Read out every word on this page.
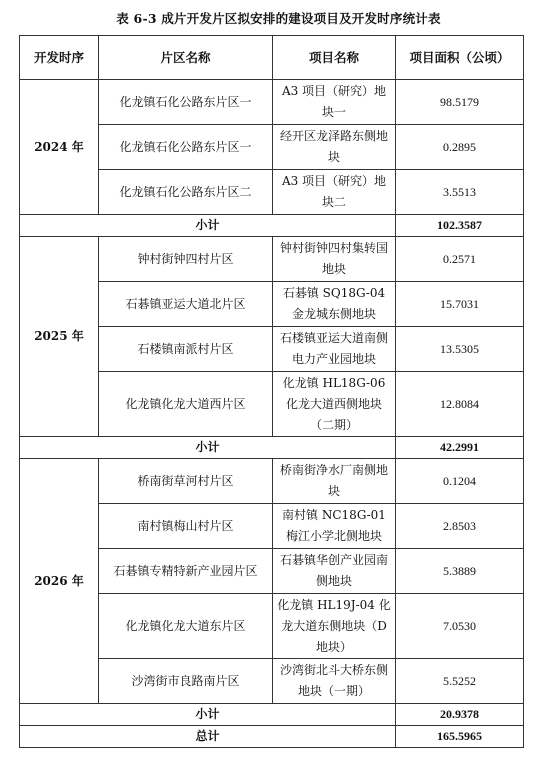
表 6-3 成片开发片区拟安排的建设项目及开发时序统计表
开发时序	片区名称	项目名称	项目面积（公顷）
2024 年	化龙镇石化公路东片区一	A3 项目（研究）地块一	98.5179
	化龙镇石化公路东片区一	经开区龙泽路东侧地块	0.2895
	化龙镇石化公路东片区二	A3 项目（研究）地块二	3.5513
小计			102.3587
2025 年	钟村街钟四村片区	钟村街钟四村集转国地块	0.2571
	石碁镇亚运大道北片区	石碁镇 SQ18G-04 金龙城东侧地块	15.7031
	石楼镇南派村片区	石楼镇亚运大道南侧电力产业园地块	13.5305
	化龙镇化龙大道西片区	化龙镇 HL18G-06 化龙大道西侧地块（二期）	12.8084
小计			42.2991
2026 年	桥南街草河村片区	桥南街净水厂南侧地块	0.1204
	南村镇梅山村片区	南村镇 NC18G-01 梅江小学北侧地块	2.8503
	石碁镇专精特新产业园片区	石碁镇华创产业园南侧地块	5.3889
	化龙镇化龙大道东片区	化龙镇 HL19J-04 化龙大道东侧地块（D 地块）	7.0530
	沙湾街市良路南片区	沙湾街北斗大桥东侧地块（一期）	5.5252
小计			20.9378
总计			165.5965
